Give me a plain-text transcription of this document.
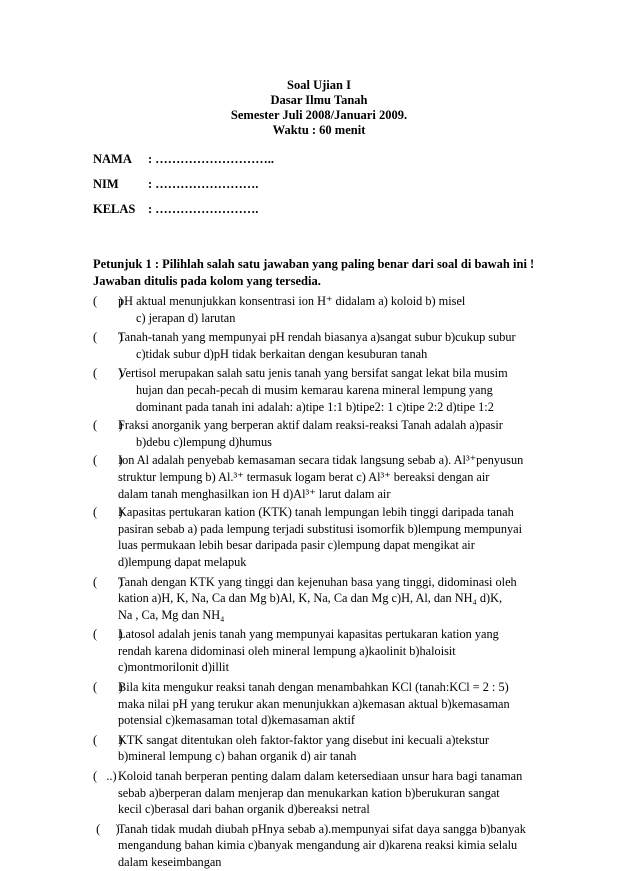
Soal Ujian I
Dasar Ilmu Tanah
Semester Juli 2008/Januari 2009.
Waktu : 60 menit
NAMA : ………………………..
NIM : …………………….
KELAS : …………………….
Petunjuk 1 : Pilihlah salah satu jawaban yang paling benar dari soal di bawah ini !
Jawaban ditulis pada kolom yang tersedia.
(       )
pH aktual menunjukkan konsentrasi ion H⁺ didalam a) koloid b) misel
c) jerapan d) larutan
(       )
Tanah-tanah yang mempunyai pH rendah biasanya a)sangat subur b)cukup subur
c)tidak subur d)pH tidak berkaitan dengan kesuburan tanah
(       )
Vertisol merupakan salah satu jenis tanah yang bersifat sangat lekat bila musim
hujan dan pecah-pecah di musim kemarau karena mineral lempung yang
dominant pada tanah ini adalah: a)tipe 1:1 b)tipe2: 1 c)tipe 2:2 d)tipe 1:2
(       )
Fraksi anorganik yang berperan aktif dalam reaksi-reaksi Tanah adalah a)pasir
b)debu c)lempung d)humus
(       )
Ion Al adalah penyebab kemasaman secara tidak langsung sebab a). Al³⁺penyusun
struktur lempung b) Al.³⁺ termasuk logam berat c) Al³⁺ bereaksi dengan air
dalam tanah menghasilkan ion H d)Al³⁺ larut dalam air
(       )
Kapasitas pertukaran kation (KTK) tanah lempungan lebih tinggi daripada tanah
pasiran sebab a) pada lempung terjadi substitusi isomorfik b)lempung mempunyai
luas permukaan lebih besar daripada pasir c)lempung dapat mengikat air
d)lempung dapat melapuk
(       )
Tanah dengan KTK yang tinggi dan kejenuhan basa yang tinggi, didominasi oleh
kation a)H, K, Na, Ca dan Mg b)Al, K, Na, Ca dan Mg c)H, Al, dan NH₄ d)K,
Na , Ca, Mg dan NH₄
(       )
Latosol adalah jenis tanah yang mempunyai kapasitas pertukaran kation yang
rendah karena didominasi oleh mineral lempung a)kaolinit b)haloisit
c)montmorilonit d)illit
(       )
Bila kita mengukur reaksi tanah dengan menambahkan KCl (tanah:KCl = 2 : 5)
maka nilai pH yang terukur akan menunjukkan a)kemasan aktual b)kemasaman
potensial c)kemasaman total d)kemasaman aktif
(       )
KTK sangat ditentukan oleh faktor-faktor yang disebut ini kecuali a)tekstur
b)mineral lempung c) bahan organik d) air tanah
(   ..) Koloid tanah berperan penting dalam dalam ketersediaan unsur hara bagi tanaman
sebab a)berperan dalam menjerap dan menukarkan kation b)berukuran sangat
kecil c)berasal dari bahan organik d)bereaksi netral
(     )
Tanah tidak mudah diubah pHnya sebab a).mempunyai sifat daya sangga b)banyak
mengandung bahan kimia c)banyak mengandung air d)karena reaksi kimia selalu
dalam keseimbangan
